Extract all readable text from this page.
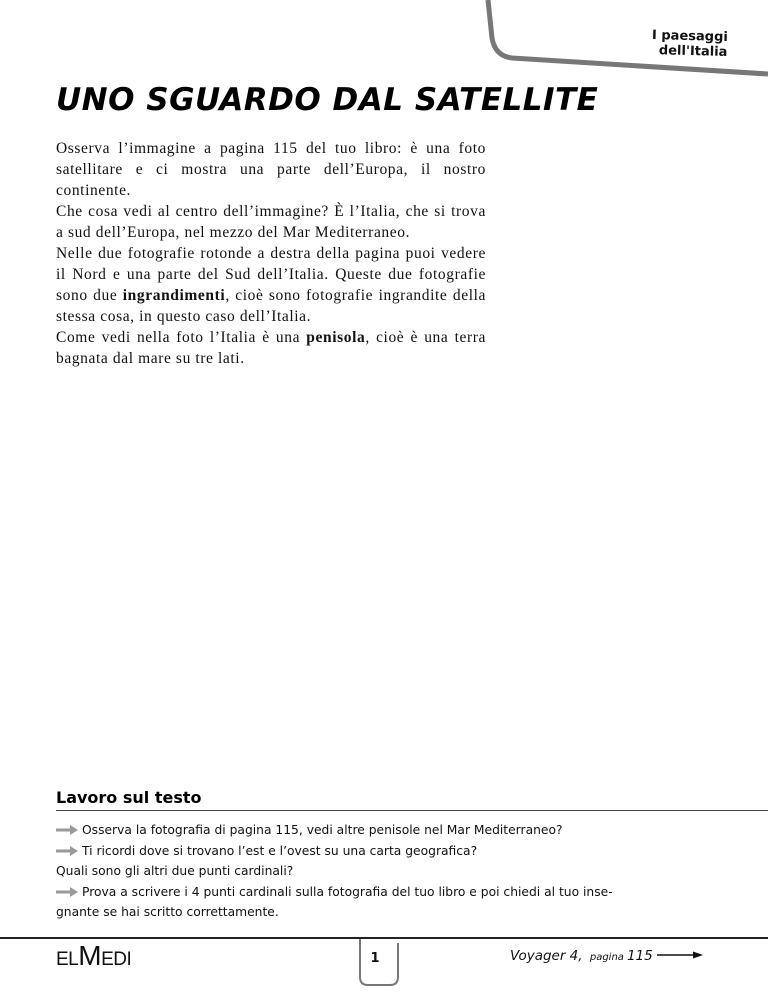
I paesaggi
dell'Italia
UNO SGUARDO DAL SATELLITE

Osserva l’immagine a pagina 115 del tuo libro: è una foto satellitare e ci mostra una parte dell’Europa, il nostro continente.

Che cosa vedi al centro dell’immagine? È l’Italia, che si trova a sud dell’Europa, nel mezzo del Mar Mediterraneo.

Nelle due fotografie rotonde a destra della pagina puoi vedere il Nord e una parte del Sud dell’Italia. Queste due fotografie sono due ingrandimenti, cioè sono fotografie ingrandite della stessa cosa, in questo caso dell’Italia.

Come vedi nella foto l’Italia è una penisola, cioè è una terra bagnata dal mare su tre lati.

Lavoro sul testo
Osserva la fotografia di pagina 115, vedi altre penisole nel Mar Mediterraneo?
Ti ricordi dove si trovano l’est e l’ovest su una carta geografica?
Quali sono gli altri due punti cardinali?
Prova a scrivere i 4 punti cardinali sulla fotografia del tuo libro e poi chiedi al tuo inse-
gnante se hai scritto correttamente.
ELMEDI	1	Voyager 4, pagina 115
